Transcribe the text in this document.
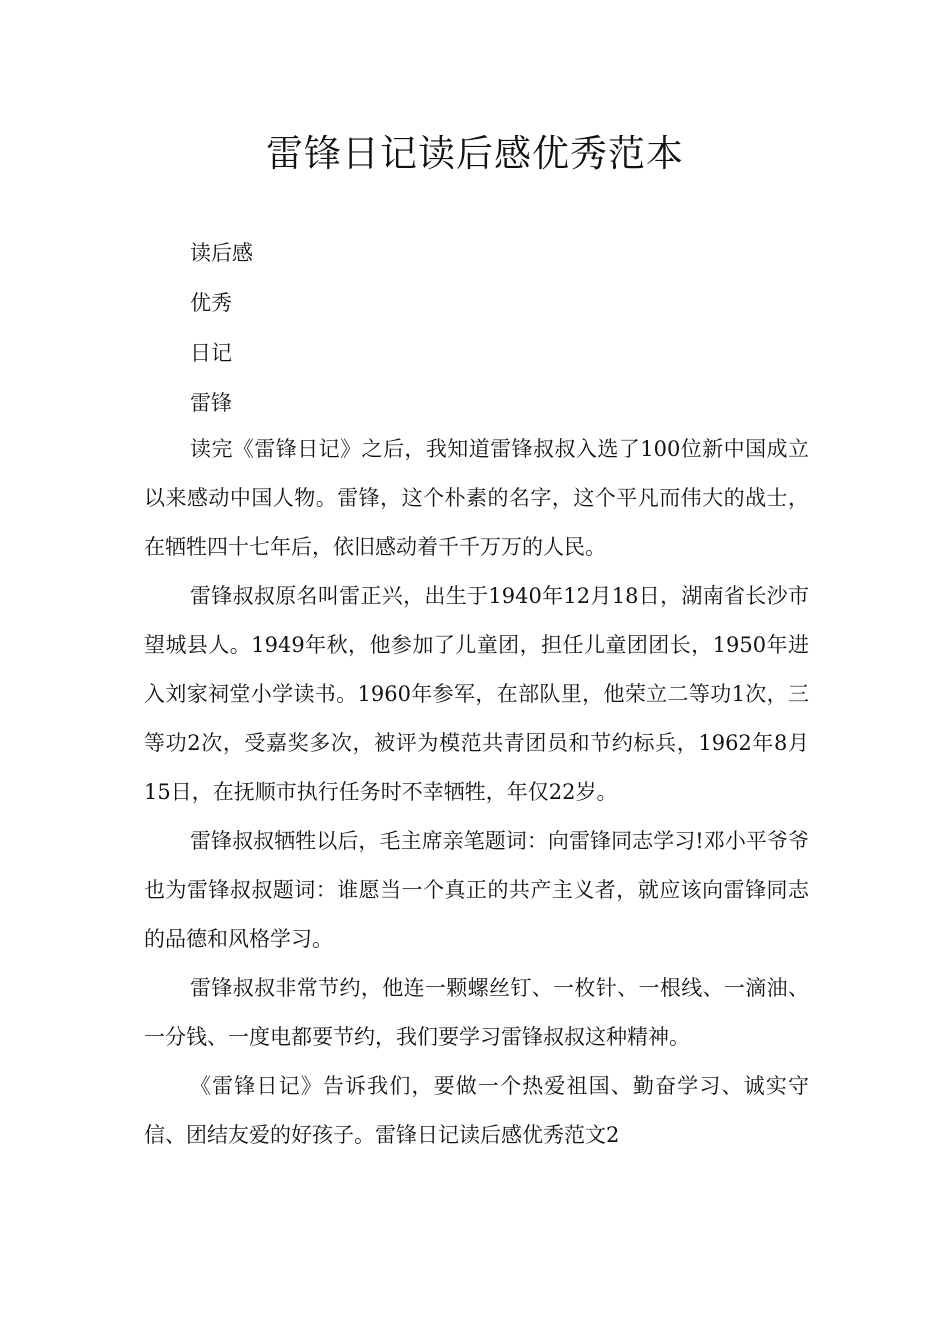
雷锋日记读后感优秀范本
读后感
优秀
日记
雷锋

读完《雷锋日记》之后，我知道雷锋叔叔入选了100位新中国成立以来感动中国人物。雷锋，这个朴素的名字，这个平凡而伟大的战士，在牺牲四十七年后，依旧感动着千千万万的人民。

雷锋叔叔原名叫雷正兴，出生于1940年12月18日，湖南省长沙市望城县人。1949年秋，他参加了儿童团，担任儿童团团长，1950年进入刘家祠堂小学读书。1960年参军，在部队里，他荣立二等功1次，三等功2次，受嘉奖多次，被评为模范共青团员和节约标兵，1962年8月15日，在抚顺市执行任务时不幸牺牲，年仅22岁。

雷锋叔叔牺牲以后，毛主席亲笔题词：向雷锋同志学习!邓小平爷爷也为雷锋叔叔题词：谁愿当一个真正的共产主义者，就应该向雷锋同志的品德和风格学习。

雷锋叔叔非常节约，他连一颗螺丝钉、一枚针、一根线、一滴油、一分钱、一度电都要节约，我们要学习雷锋叔叔这种精神。

《雷锋日记》告诉我们，要做一个热爱祖国、勤奋学习、诚实守信、团结友爱的好孩子。雷锋日记读后感优秀范文2
